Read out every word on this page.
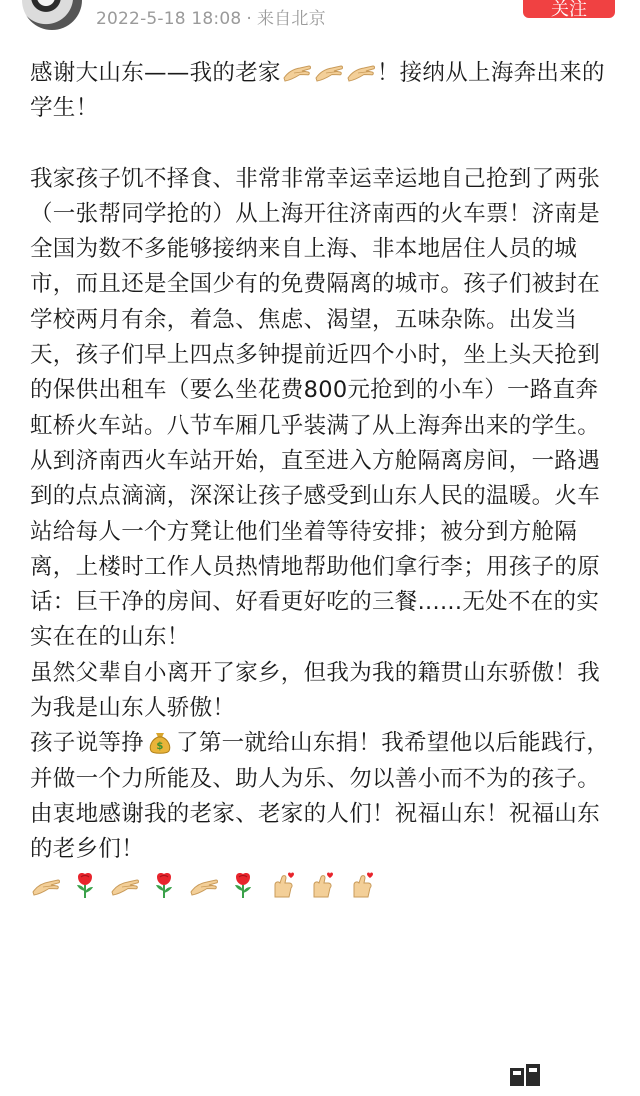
2022-5-18 18:08 · 来自北京	关注

感谢大山东——我的老家	！接纳从上海奔出来的学生！

我家孩子饥不择食、非常非常幸运幸运地自己抢到了两张（一张帮同学抢的）从上海开往济南西的火车票！济南是全国为数不多能够接纳来自上海、非本地居住人员的城市，而且还是全国少有的免费隔离的城市。孩子们被封在学校两月有余，着急、焦虑、渴望，五味杂陈。出发当天，孩子们早上四点多钟提前近四个小时，坐上头天抢到的保供出租车（要么坐花费800元抢到的小车）一路直奔虹桥火车站。八节车厢几乎装满了从上海奔出来的学生。从到济南西火车站开始，直至进入方舱隔离房间，一路遇到的点点滴滴，深深让孩子感受到山东人民的温暖。火车站给每人一个方凳让他们坐着等待安排；被分到方舱隔离，上楼时工作人员热情地帮助他们拿行李；用孩子的原话：巨干净的房间、好看更好吃的三餐......无处不在的实实在在的山东！

虽然父辈自小离开了家乡，但我为我的籍贯山东骄傲！我为我是山东人骄傲！

孩子说等挣 了第一就给山东捐！我希望他以后能践行，并做一个力所能及、助人为乐、勿以善小而不为的孩子。

由衷地感谢我的老家、老家的人们！祝福山东！祝福山东的老乡们！
